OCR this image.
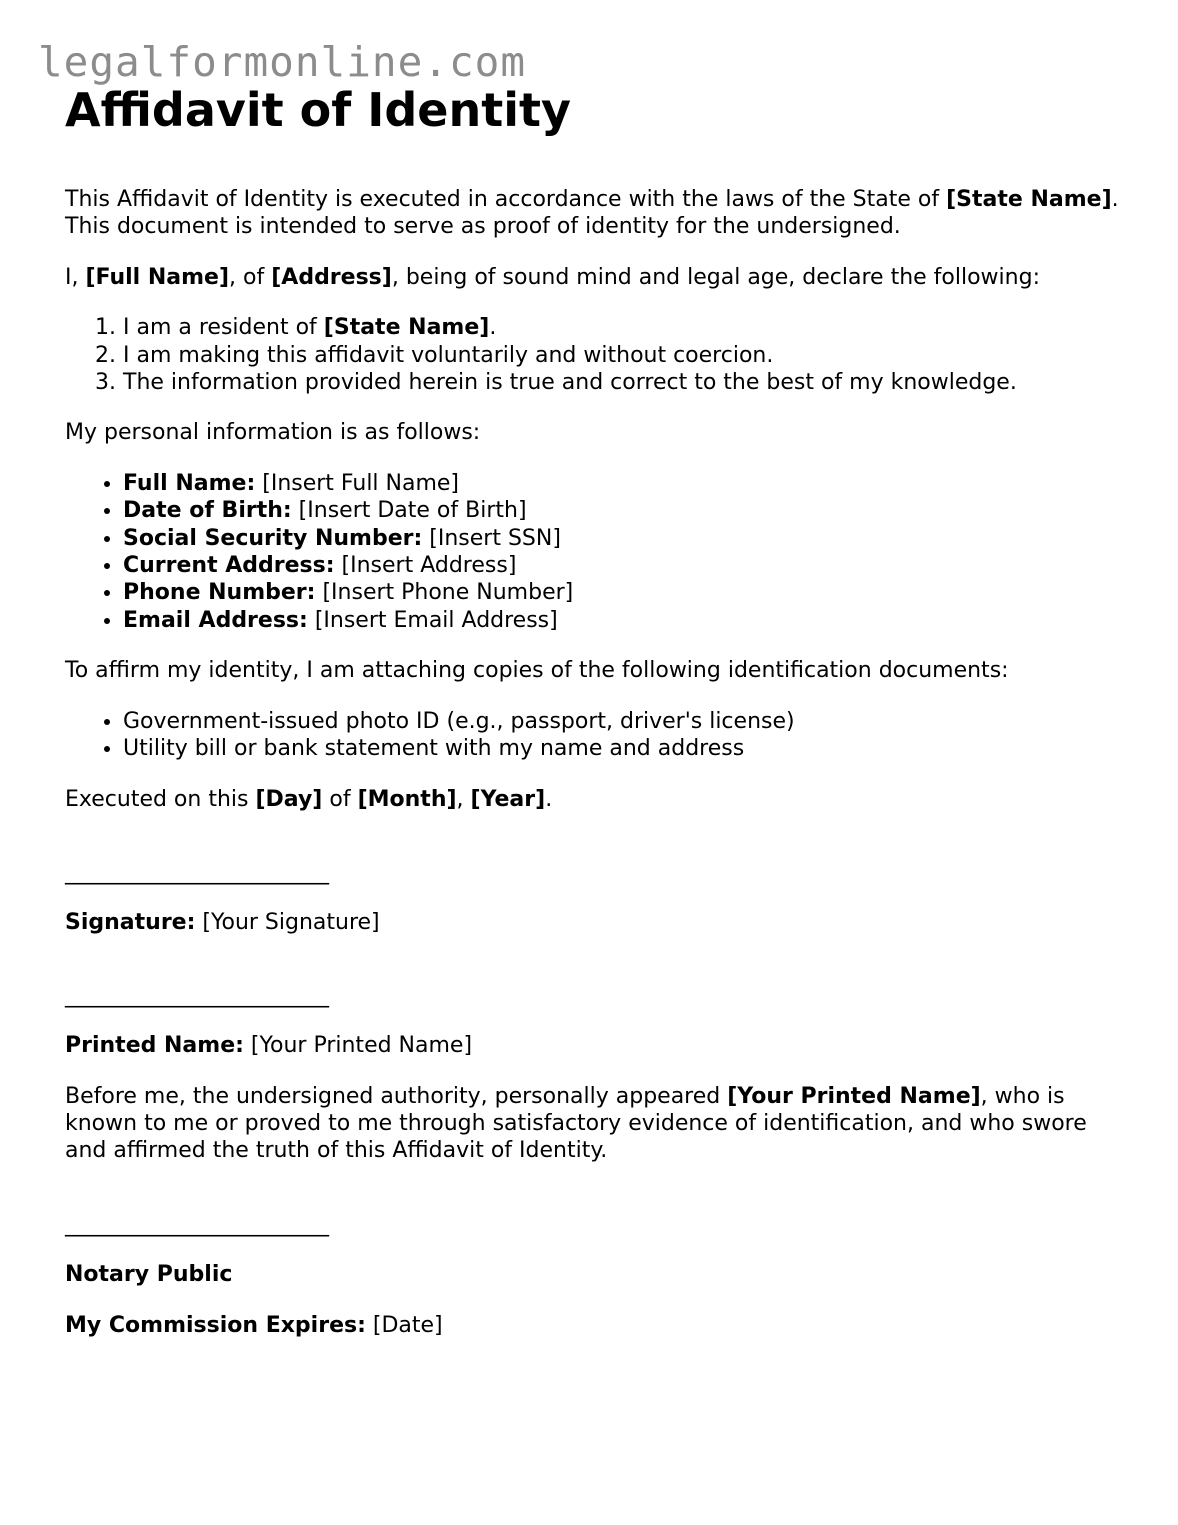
legalformonline.com
Affidavit of Identity

This Affidavit of Identity is executed in accordance with the laws of the State of [State Name]. This document is intended to serve as proof of identity for the undersigned.

I, [Full Name], of [Address], being of sound mind and legal age, declare the following:

1. I am a resident of [State Name].
2. I am making this affidavit voluntarily and without coercion.
3. The information provided herein is true and correct to the best of my knowledge.

My personal information is as follows:

• Full Name: [Insert Full Name]
• Date of Birth: [Insert Date of Birth]
• Social Security Number: [Insert SSN]
• Current Address: [Insert Address]
• Phone Number: [Insert Phone Number]
• Email Address: [Insert Email Address]

To affirm my identity, I am attaching copies of the following identification documents:

• Government-issued photo ID (e.g., passport, driver's license)
• Utility bill or bank statement with my name and address

Executed on this [Day] of [Month], [Year].

________________________

Signature: [Your Signature]

________________________

Printed Name: [Your Printed Name]

Before me, the undersigned authority, personally appeared [Your Printed Name], who is known to me or proved to me through satisfactory evidence of identification, and who swore and affirmed the truth of this Affidavit of Identity.

________________________

Notary Public

My Commission Expires: [Date]
